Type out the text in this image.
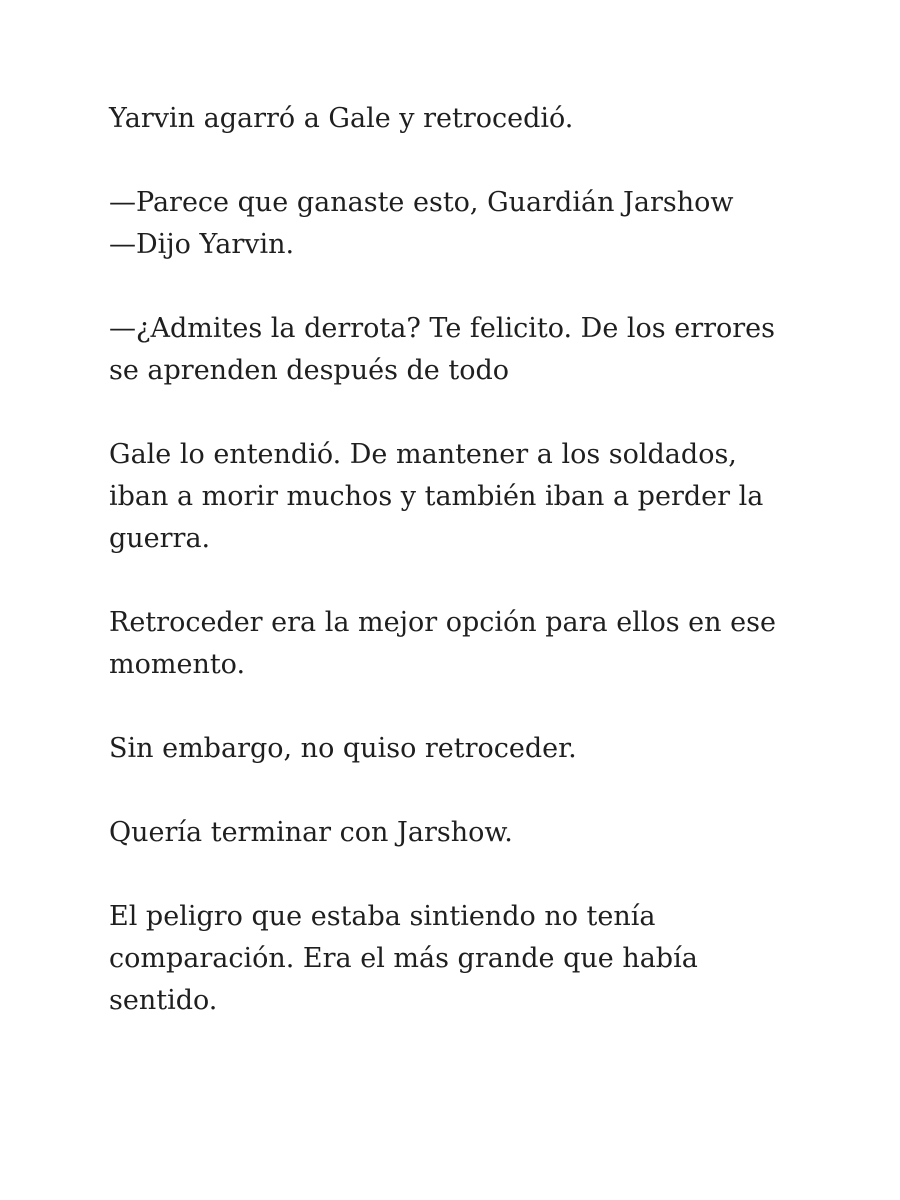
Yarvin agarró a Gale y retrocedió.

—Parece que ganaste esto, Guardián Jarshow
—Dijo Yarvin.

—¿Admites la derrota? Te felicito. De los errores
se aprenden después de todo

Gale lo entendió. De mantener a los soldados,
iban a morir muchos y también iban a perder la
guerra.

Retroceder era la mejor opción para ellos en ese
momento.

Sin embargo, no quiso retroceder.

Quería terminar con Jarshow.

El peligro que estaba sintiendo no tenía
comparación. Era el más grande que había
sentido.
